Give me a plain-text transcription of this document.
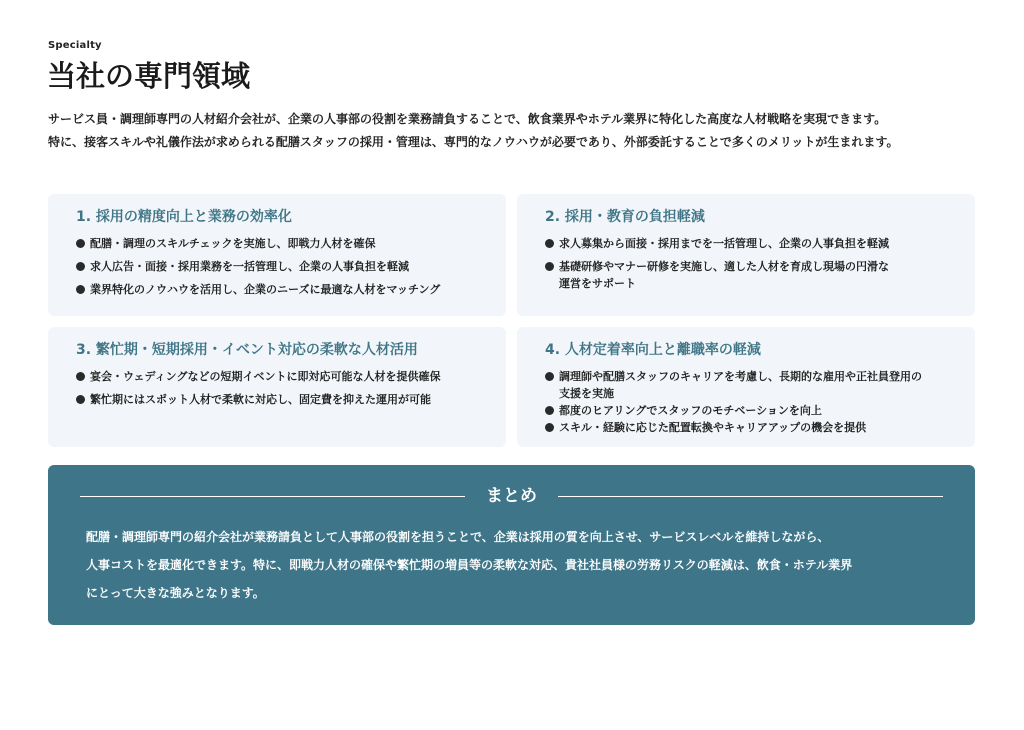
Specialty
当社の専門領域

サービス員・調理師専門の人材紹介会社が、企業の人事部の役割を業務請負することで、飲食業界やホテル業界に特化した高度な人材戦略を実現できます。

特に、接客スキルや礼儀作法が求められる配膳スタッフの採用・管理は、専門的なノウハウが必要であり、外部委託することで多くのメリットが生まれます。

1. 採用の精度向上と業務の効率化
配膳・調理のスキルチェックを実施し、即戦力人材を確保
求人広告・面接・採用業務を一括管理し、企業の人事負担を軽減
業界特化のノウハウを活用し、企業のニーズに最適な人材をマッチング
2. 採用・教育の負担軽減
求人募集から面接・採用までを一括管理し、企業の人事負担を軽減
基礎研修やマナー研修を実施し、適した人材を育成し現場の円滑な
運営をサポート
3. 繁忙期・短期採用・イベント対応の柔軟な人材活用
宴会・ウェディングなどの短期イベントに即対応可能な人材を提供確保
繁忙期にはスポット人材で柔軟に対応し、固定費を抑えた運用が可能
4. 人材定着率向上と離職率の軽減
調理師や配膳スタッフのキャリアを考慮し、長期的な雇用や正社員登用の
支援を実施
都度のヒアリングでスタッフのモチベーションを向上
スキル・経験に応じた配置転換やキャリアアップの機会を提供
まとめ

配膳・調理師専門の紹介会社が業務請負として人事部の役割を担うことで、企業は採用の質を向上させ、サービスレベルを維持しながら、

人事コストを最適化できます。特に、即戦力人材の確保や繁忙期の増員等の柔軟な対応、貴社社員様の労務リスクの軽減は、飲食・ホテル業界

にとって大きな強みとなります。
